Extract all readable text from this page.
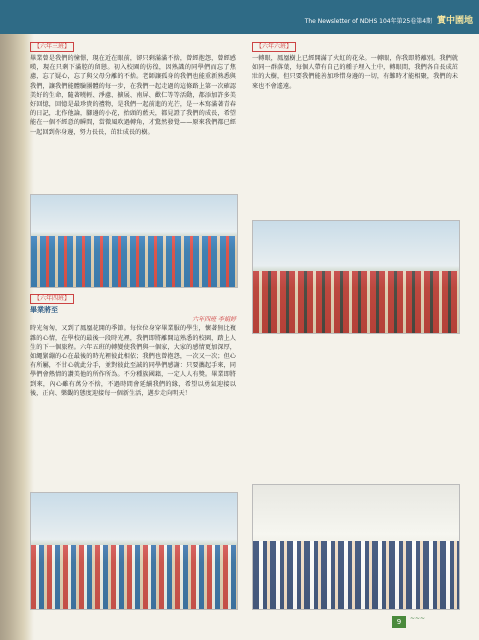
The Newsletter of NDHS 104年第25卷第4期 實中園地
【六年三班】
畢業曾是我們的憧憬，現在近在眼前，卻只剩滿滿不捨，曾經抱怨，曾經感嘆，現在只剩下滿腔的留戀。初入校園的彷徨，因熟識的同學們而忘了焦慮，忘了疑心，忘了與父母分離的不捨。老師讓孤身的我們也能重新熟悉與我們，讓我們能體驗團體的每一步，在我們一起走過的這條路上第一次確認美好的生命，隨著曉輕、淨慮、擴展、南屏、歡仁等等活動，都添加許多美好回憶，回憶是最珍貴的禮物，是我們一起前進的光芒，是一本寫滿著青春的日記，北作他論，腳邊的小花，抬頭的藍天，都見證了我們的成長，希望能在一個不經意的瞬間，當微風吹過轉角，才驚然發覺——原來我們都已經一起回到你身邊，努力長長，茁壯成長的樹。
【六年四班】
畢業將至
六年四班 李娟婷
時光匆匆，又到了鳳凰花開的季節。每位位身穿畢業服的學生，懷著無比複雜的心情，在學校的最後一段時光裡，我們即將離開這熟悉的校園，踏上人生的下一個旅程。六年五班的轉變使我們與一個家，大家的感情更加深厚，如繩緊繃的心在最後的時光裡彼此相依；我們也曾抱怨，一次又一次；但心有所屬，不甘心就此分手，並對彼此至誠的同學們感謝：只要攜起手來，同學們會熱情的讚美他的所作所為。不分種族國籍，一定人人有獎。畢業即將到來，內心雖有萬分不捨，不過時間會延續我們的緣，希望以勇氣迎接以後，正向、樂觀的態度迎接每一個新生活，邁步走向明天！
【六年六班】
一轉眼，鳳凰樹上已經開滿了火紅的花朵。一轉眼，你我即將離別。我們就如同一群落葉，每個人帶有自己的種子埋入土中，轉眼間，我們各自長成茁壯的大樹，但只要我們能善加珍惜身邊的一切，有難時才能相聚，我們的未來也不會遙遠。
9	~~~
